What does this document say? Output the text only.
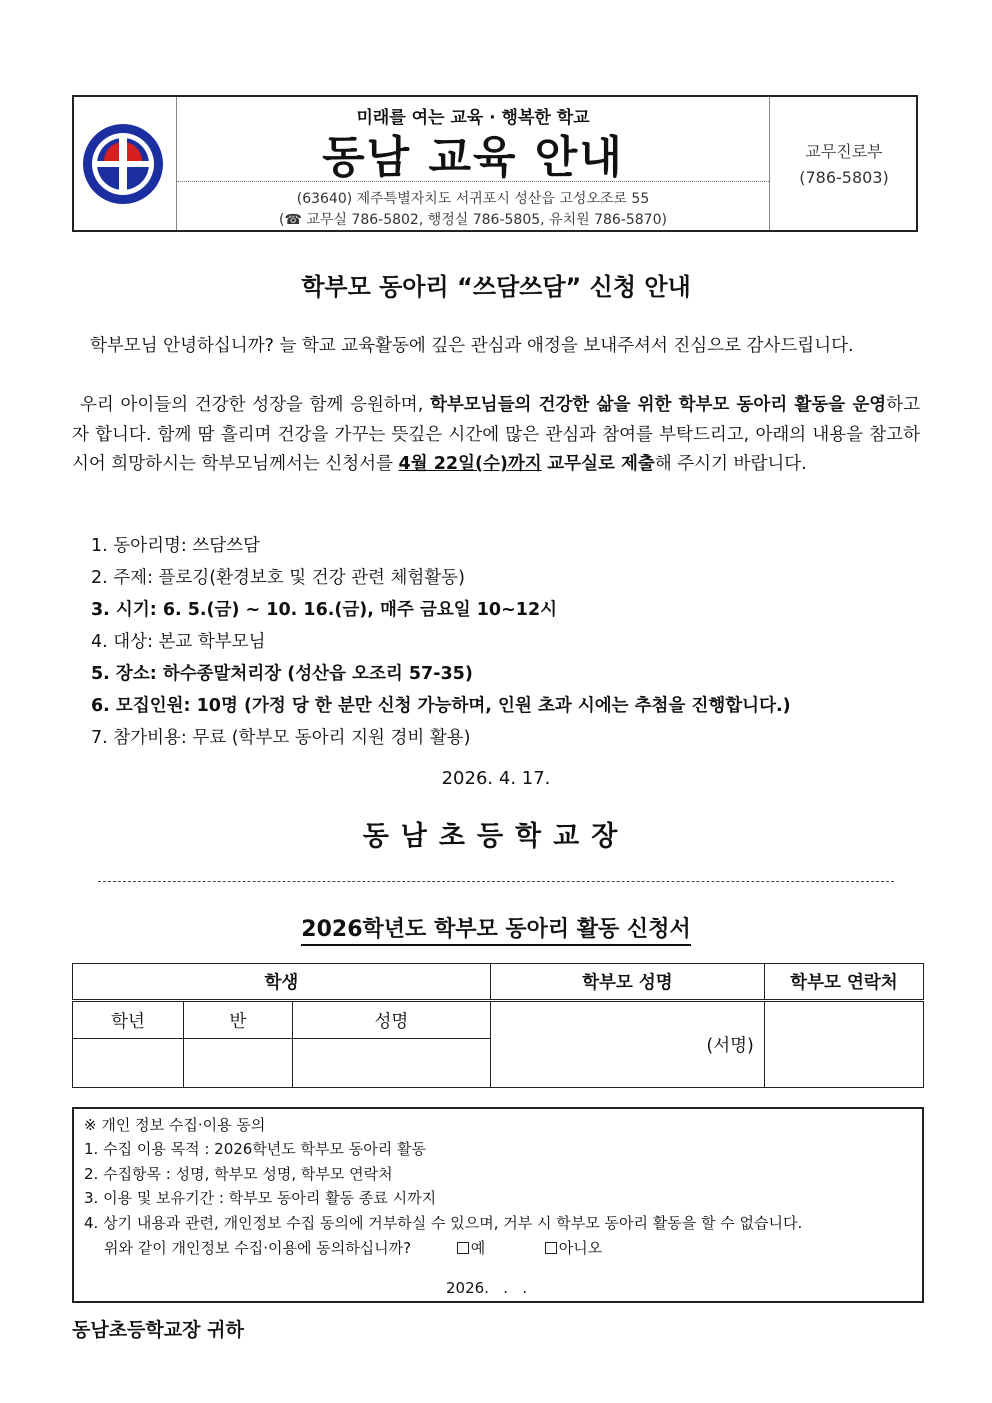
미래를 여는 교육 · 행복한 학교
동남 교육 안내
(63640) 제주특별자치도 서귀포시 성산읍 고성오조로 55
(☎ 교무실 786-5802, 행정실 786-5805, 유치원 786-5870)
교무진로부
(786-5803)
학부모 동아리 “쓰담쓰담” 신청 안내
학부모님 안녕하십니까? 늘 학교 교육활동에 깊은 관심과 애정을 보내주셔서 진심으로 감사드립니다.
우리 아이들의 건강한 성장을 함께 응원하며, 학부모님들의 건강한 삶을 위한 학부모 동아리 활동을 운영하고자 합니다. 함께 땀 흘리며 건강을 가꾸는 뜻깊은 시간에 많은 관심과 참여를 부탁드리고, 아래의 내용을 참고하시어 희망하시는 학부모님께서는 신청서를 4월 22일(수)까지 교무실로 제출해 주시기 바랍니다.
1. 동아리명: 쓰담쓰담
2. 주제: 플로깅(환경보호 및 건강 관련 체험활동)
3. 시기: 6. 5.(금) ~ 10. 16.(금), 매주 금요일 10~12시
4. 대상: 본교 학부모님
5. 장소: 하수종말처리장 (성산읍 오조리 57-35)
6. 모집인원: 10명 (가정 당 한 분만 신청 가능하며, 인원 초과 시에는 추첨을 진행합니다.)
7. 참가비용: 무료 (학부모 동아리 지원 경비 활용)
2026. 4. 17.
동남초등학교장
2026학년도 학부모 동아리 활동 신청서
학생			학부모 성명	학부모 연락처
학년	반	성명	(서명)	

※ 개인 정보 수집·이용 동의
1. 수집 이용 목적 : 2026학년도 학부모 동아리 활동
2. 수집항목 : 성명, 학부모 성명, 학부모 연락처
3. 이용 및 보유기간 : 학부모 동아리 활동 종료 시까지
4. 상기 내용과 관련, 개인정보 수집 동의에 거부하실 수 있으며, 거부 시 학부모 동아리 활동을 할 수 없습니다.
위와 같이 개인정보 수집·이용에 동의하십니까?	예	아니오
2026.   .   .
동남초등학교장 귀하
